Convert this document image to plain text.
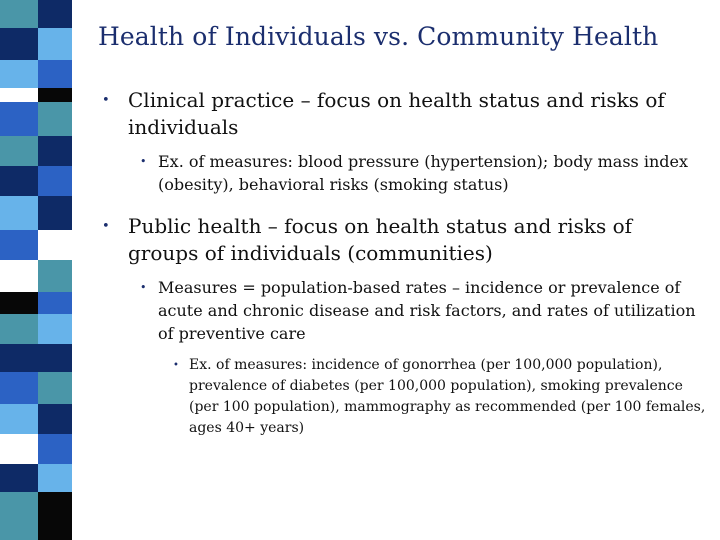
Health of Individuals vs. Community Health
• Clinical practice – focus on health status and risks of individuals
• Ex. of measures: blood pressure (hypertension); body mass index (obesity), behavioral risks (smoking status)
• Public health – focus on health status and risks of groups of individuals (communities)
• Measures = population-based rates – incidence or prevalence of acute and chronic disease and risk factors, and rates of utilization of preventive care
• Ex. of measures: incidence of gonorrhea (per 100,000 population), prevalence of diabetes (per 100,000 population), smoking prevalence (per 100 population), mammography as recommended (per 100 females, ages 40+ years)
